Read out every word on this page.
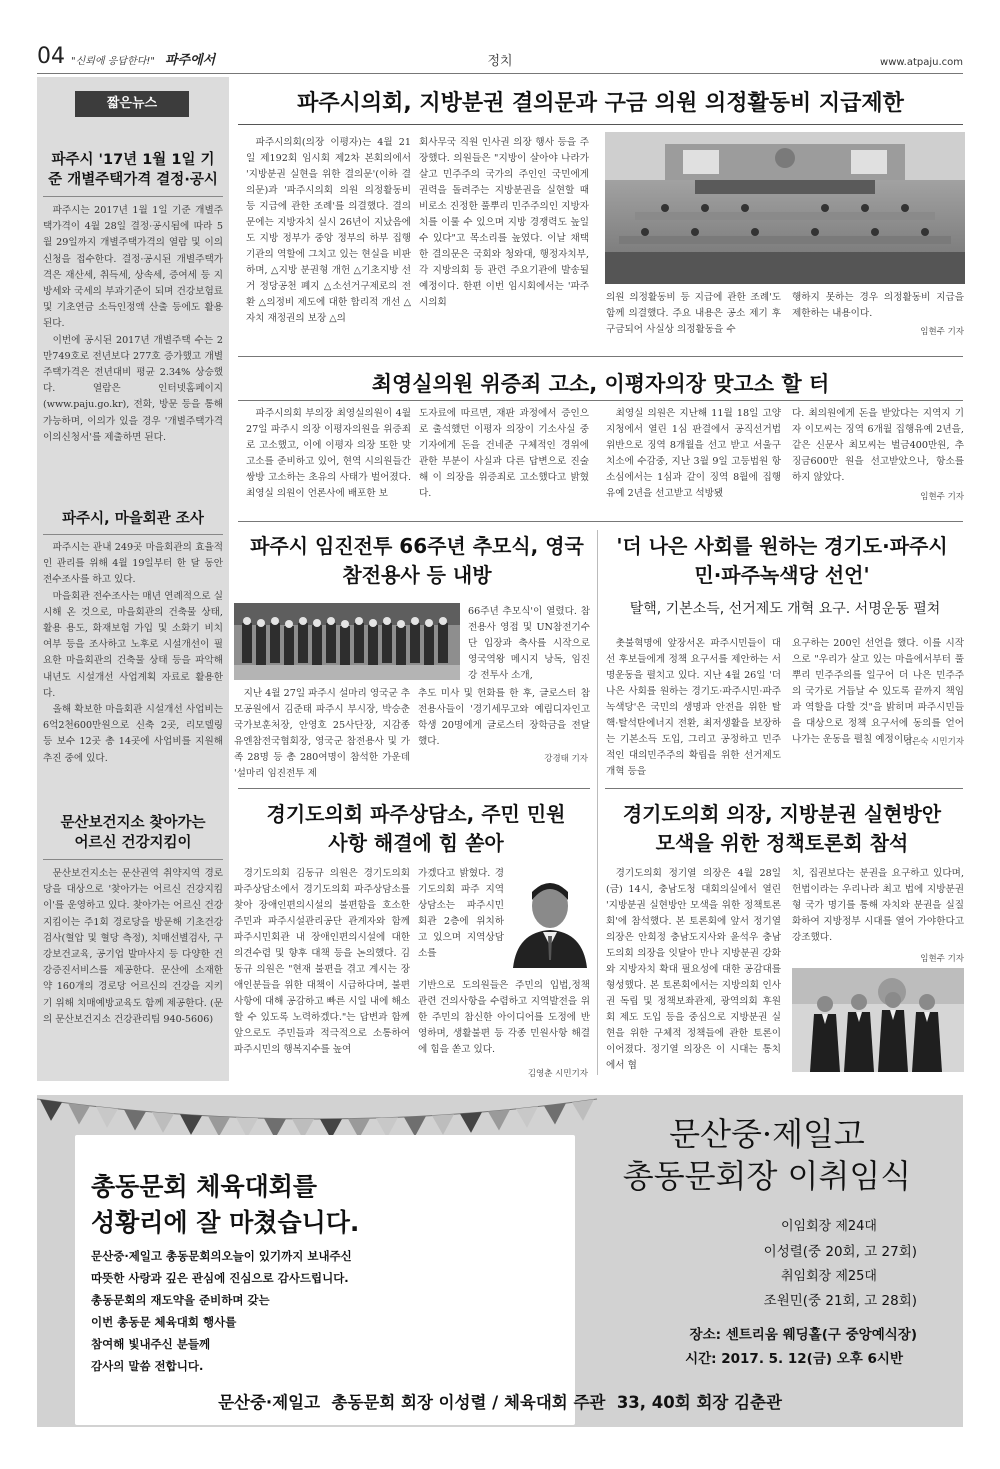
04 "신뢰에 응답한다!" 파주에서	정치	www.atpaju.com
짧은뉴스
파주시 '17년 1월 1일 기준 개별주택가격 결정·공시

파주시는 2017년 1월 1일 기준 개별주택가격이 4월 28일 결정·공시됨에 따라 5월 29일까지 개별주택가격의 열람 및 이의신청을 접수한다. 결정·공시된 개별주택가격은 재산세, 취득세, 상속세, 증여세 등 지방세와 국세의 부과기준이 되며 건강보험료 및 기초연금 소득인정액 산출 등에도 활용된다.

이번에 공시된 2017년 개별주택 수는 2만749호로 전년보다 277호 증가했고 개별주택가격은 전년대비 평균 2.34% 상승했다. 열람은 인터넷홈페이지(www.paju.go.kr), 전화, 방문 등을 통해 가능하며, 이의가 있을 경우 '개별주택가격 이의신청서'를 제출하면 된다.

파주시, 마을회관 조사

파주시는 관내 249곳 마을회관의 효율적인 관리를 위해 4월 19일부터 한 달 동안 전수조사를 하고 있다.

마을회관 전수조사는 매년 연례적으로 실시해 온 것으로, 마을회관의 건축물 상태, 활용 용도, 화재보험 가입 및 소화기 비치 여부 등을 조사하고 노후로 시설개선이 필요한 마을회관의 건축물 상태 등을 파악해 내년도 시설개선 사업계획 자료로 활용한다.

올해 확보한 마을회관 시설개선 사업비는 6억2천600만원으로 신축 2곳, 리모델링 등 보수 12곳 총 14곳에 사업비를 지원해 추진 중에 있다.

문산보건지소 찾아가는 어르신 건강지킴이

문산보건지소는 문산권역 취약지역 경로당을 대상으로 '찾아가는 어르신 건강지킴이'를 운영하고 있다. 찾아가는 어르신 건강지킴이는 주1회 경로당을 방문해 기초건강검사(혈압 및 혈당 측정), 치매선별검사, 구강보건교육, 공기업 발마사지 등 다양한 건강증진서비스를 제공한다. 문산에 소재한 약 160개의 경로당 어르신의 건강을 지키기 위해 치매예방교육도 함께 제공한다. (문의 문산보건지소 건강관리팀 940-5606)

파주시의회, 지방분권 결의문과 구금 의원 의정활동비 지급제한

파주시의회(의장 이평자)는 4월 21일 제192회 임시회 제2차 본회의에서 '지방분권 실현을 위한 결의문'(이하 결의문)과 '파주시의회 의원 의정활동비 등 지급에 관한 조례'를 의결했다. 결의문에는 지방자치 실시 26년이 지났음에도 지방 정부가 중앙 정부의 하부 집행기관의 역할에 그치고 있는 현실을 비판하며, △지방 분권형 개헌 △기초지방 선거 정당공천 폐지 △소선거구제로의 전환 △의정비 제도에 대한 합리적 개선 △자치 재정권의 보장 △의

회사무국 직원 인사권 의장 행사 등을 주장했다. 의원들은 "지방이 살아야 나라가 살고 민주주의 국가의 주인인 국민에게 권력을 돌려주는 지방분권을 실현할 때 비로소 진정한 풀뿌리 민주주의인 지방자치를 이룰 수 있으며 지방 경쟁력도 높일 수 있다"고 목소리를 높였다. 이날 채택한 결의문은 국회와 청와대, 행정자치부, 각 지방의회 등 관련 주요기관에 발송될 예정이다. 한편 이번 임시회에서는 '파주시의회	의원 의정활동비 등 지급에 관한 조례'도 함께 의결했다. 주요 내용은 공소 제기 후 구금되어 사실상 의정활동을 수

행하지 못하는 경우 의정활동비 지급을 제한하는 내용이다.

임현주 기자
최영실의원 위증죄 고소, 이평자의장 맞고소 할 터

파주시의회 부의장 최영실의원이 4월 27일 파주시 의장 이평자의원을 위증죄로 고소했고, 이에 이평자 의장 또한 맞고소를 준비하고 있어, 현역 시의원들간 쌍방 고소하는 초유의 사태가 벌어졌다. 최영실 의원이 언론사에 배포한 보

도자료에 따르면, 재판 과정에서 증인으로 출석했던 이평자 의장이 기소사실 중 기자에게 돈을 건네준 구체적인 경위에 관한 부분이 사실과 다른 답변으로 진술해 이 의장을 위증죄로 고소했다고 밝혔다.

최영실 의원은 지난해 11월 18일 고양지청에서 열린 1심 판결에서 공직선거법 위반으로 징역 8개월을 선고 받고 서울구치소에 수감중, 지난 3월 9일 고등법원 항소심에서는 1심과 같이 징역 8월에 집행유예 2년을 선고받고 석방됐

다. 최의원에게 돈을 받았다는 지역지 기자 이모씨는 징역 6개월 집행유예 2년을, 같은 신문사 최모씨는 벌금400만원, 추징금600만 원을 선고받았으나, 항소를 하지 않았다.

임현주 기자
파주시 임진전투 66주년 추모식, 영국 참전용사 등 내방

66주년 추모식'이 열렸다. 참전용사 영접 및 UN참전기수단 입장과 축사를 시작으로 영국역왕 메시지 낭독, 임진강 전투사 소개,

지난 4월 27일 파주시 설마리 영국군 추모공원에서 김준태 파주시 부시장, 박승춘 국가보훈처장, 안영호 25사단장, 지감종 유엔참전국협회장, 영국군 참전용사 및 가족 28명 등 총 280여명이 참석한 가운데 '설마리 임진전투 제

추도 미사 및 헌화를 한 후, 글로스터 참전용사들이 '경기세무고와 예림디자인고 학생 20명에게 글로스터 장학금을 전달했다.

강경태 기자
'더 나은 사회를 원하는 경기도·파주시민·파주녹색당 선언'
탈핵, 기본소득, 선거제도 개혁 요구. 서명운동 펼쳐

촛불혁명에 앞장서온 파주시민들이 대선 후보들에게 정책 요구서를 제안하는 서명운동을 펼치고 있다. 지난 4월 26일 '더 나은 사회를 원하는 경기도·파주시민·파주녹색당'은 국민의 생명과 안전을 위한 탈핵·탈석탄에너지 전환, 최저생활을 보장하는 기본소득 도입, 그리고 공정하고 민주적인 대의민주주의 확립을 위한 선거제도 개혁 등을

요구하는 200인 선언을 했다. 이를 시작으로 "우리가 살고 있는 마을에서부터 풀뿌리 민주주의를 일구어 더 나은 민주주의 국가로 거듭날 수 있도록 끝까지 책임과 역할을 다할 것"을 밝히며 파주시민들을 대상으로 정책 요구서에 동의를 얻어나가는 운동을 펼칠 예정이다.

김은숙 시민기자
경기도의회 파주상담소, 주민 민원사항 해결에 힘 쏟아

경기도의회 김동규 의원은 경기도의회 파주상담소에서 경기도의회 파주상담소를 찾아 장애인편의시설의 불편함을 호소한 주민과 파주시설관리공단 관계자와 함께 파주시민회관 내 장애인편의시설에 대한 의견수렴 및 향후 대책 등을 논의했다. 김동규 의원은 "현재 불편을 겪고 계시는 장애인분들을 위한 대책이 시급하다며, 불편사항에 대해 공감하고 빠른 시일 내에 해소할 수 있도록 노력하겠다."는 답변과 함께 앞으로도 주민들과 적극적으로 소통하여 파주시민의 행복지수를 높여

가겠다고 밝혔다. 경기도의회 파주 지역상담소는 파주시민회관 2층에 위치하고 있으며 지역상담소를

기반으로 도의원들은 주민의 입법,정책 관련 건의사항을 수렴하고 지역발전을 위한 주민의 참신한 아이디어를 도정에 반영하며, 생활불편 등 각종 민원사항 해결에 힘을 쏟고 있다.

김영춘 시민기자
경기도의회 의장, 지방분권 실현방안 모색을 위한 정책토론회 참석

경기도의회 정기열 의장은 4월 28일(금) 14시, 충남도청 대회의실에서 열린 '지방분권 실현방안 모색을 위한 정책토론회'에 참석했다. 본 토론회에 앞서 정기열 의장은 안희정 충남도지사와 윤석우 충남도의회 의장을 잇달아 만나 지방분권 강화와 지방자치 확대 필요성에 대한 공감대를 형성했다. 본 토론회에서는 지방의회 인사권 독립 및 정책보좌관제, 광역의회 후원회 제도 도입 등을 중심으로 지방분권 실현을 위한 구체적 정책들에 관한 토론이 이어졌다. 정기열 의장은 이 시대는 통치에서 협

치, 집권보다는 분권을 요구하고 있다며, 헌법이라는 우리나라 최고 법에 지방분권형 국가 명기를 통해 자치와 분권을 실질화하여 지방정부 시대를 열어 가야한다고 강조했다.

임현주 기자
총동문회 체육대회를
성황리에 잘 마쳤습니다.
문산중·제일고 총동문회의오늘이 있기까지 보내주신
따뜻한 사랑과 깊은 관심에 진심으로 감사드립니다.
총동문회의 재도약을 준비하며 갖는
이번 총동문 체육대회 행사를
참여해 빛내주신 분들께
감사의 말씀 전합니다.
문산중·제일고
총동문회장 이취임식
이임회장 제24대
이성렬(중 20회, 고 27회)
취임회장 제25대
조원민(중 21회, 고 28회)
장소: 센트리움 웨딩홀(구 중앙예식장)
시간: 2017. 5. 12(금) 오후 6시반
문산중·제일고  총동문회 회장 이성렬 / 체육대회 주관  33, 40회 회장 김춘관
